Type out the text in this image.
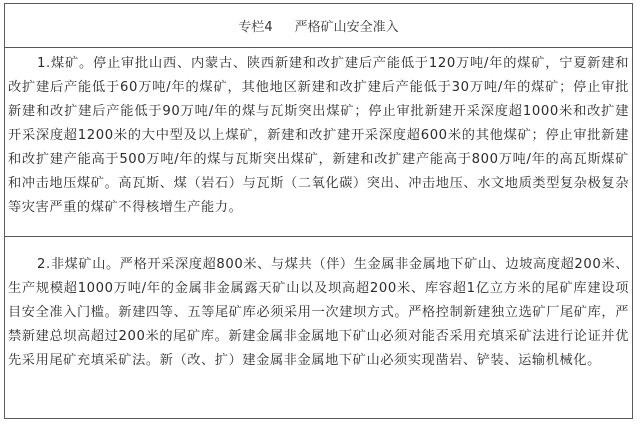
专栏4 严格矿山安全准入

1.煤矿。停止审批山西、内蒙古、陕西新建和改扩建后产能低于120万吨/年的煤矿，宁夏新建和改扩建后产能低于60万吨/年的煤矿，其他地区新建和改扩建后产能低于30万吨/年的煤矿；停止审批新建和改扩建后产能低于90万吨/年的煤与瓦斯突出煤矿；停止审批新建开采深度超1000米和改扩建开采深度超1200米的大中型及以上煤矿，新建和改扩建开采深度超600米的其他煤矿；停止审批新建和改扩建产能高于500万吨/年的煤与瓦斯突出煤矿，新建和改扩建产能高于800万吨/年的高瓦斯煤矿和冲击地压煤矿。高瓦斯、煤（岩石）与瓦斯（二氧化碳）突出、冲击地压、水文地质类型复杂极复杂等灾害严重的煤矿不得核增生产能力。

2.非煤矿山。严格开采深度超800米、与煤共（伴）生金属非金属地下矿山、边坡高度超200米、生产规模超1000万吨/年的金属非金属露天矿山以及坝高超200米、库容超1亿立方米的尾矿库建设项目安全准入门槛。新建四等、五等尾矿库必须采用一次建坝方式。严格控制新建独立选矿厂尾矿库，严禁新建总坝高超过200米的尾矿库。新建金属非金属地下矿山必须对能否采用充填采矿法进行论证并优先采用尾矿充填采矿法。新（改、扩）建金属非金属地下矿山必须实现凿岩、铲装、运输机械化。
